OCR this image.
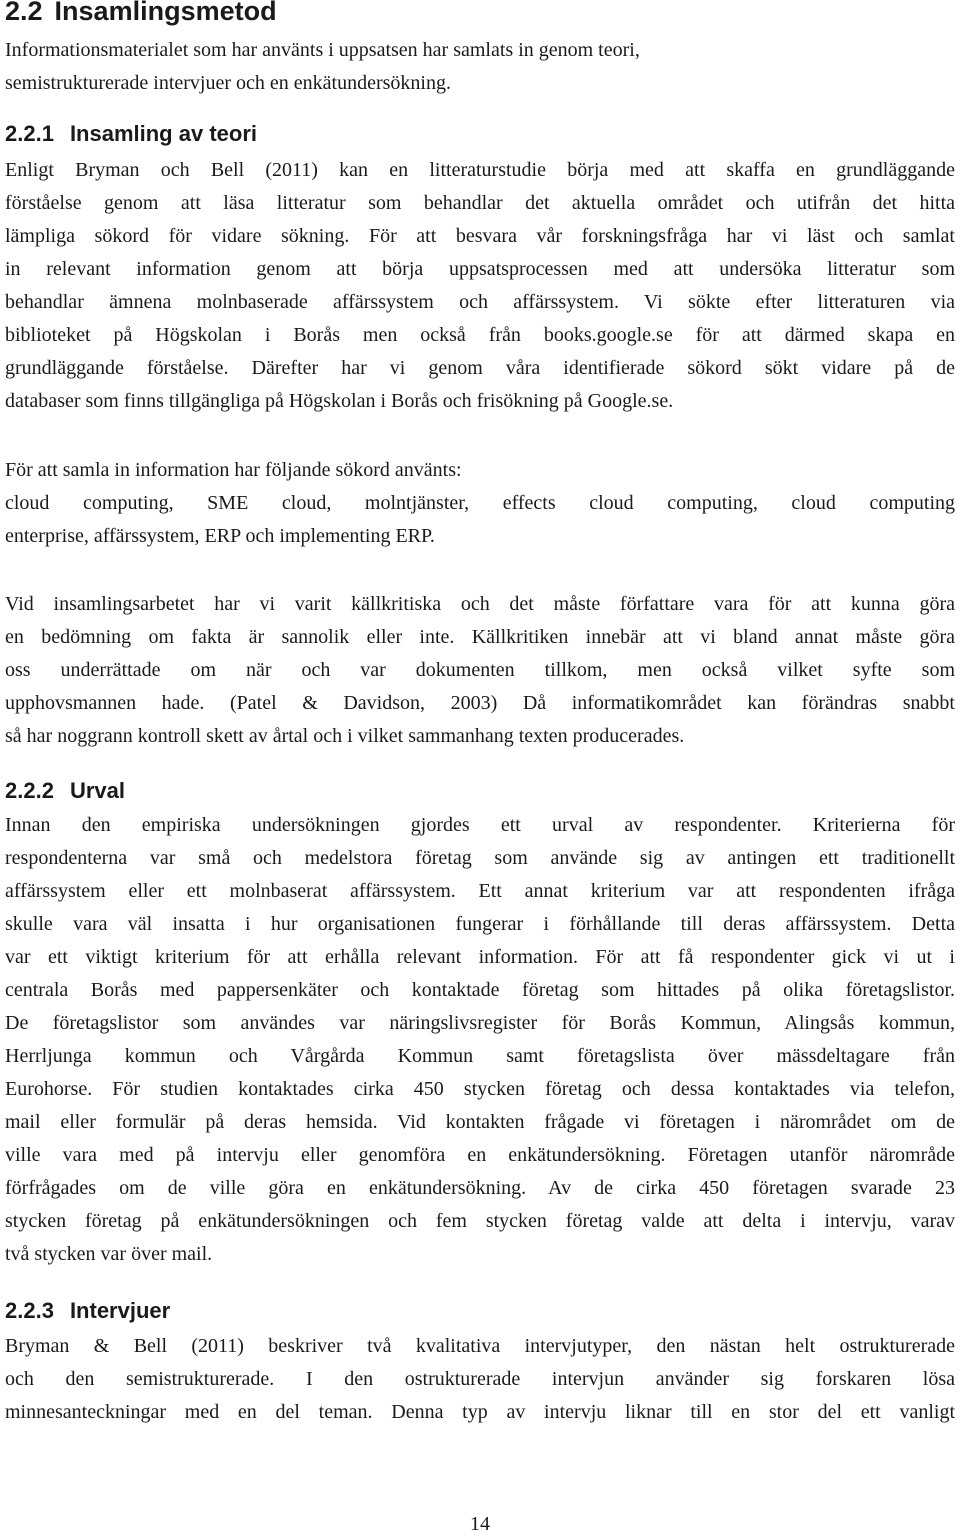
2.2 Insamlingsmetod

Informationsmaterialet som har använts i uppsatsen har samlats in genom teori,
semistrukturerade intervjuer och en enkätundersökning.

2.2.1 Insamling av teori

Enligt Bryman och Bell (2011) kan en litteraturstudie börja med att skaffa en grundläggande
förståelse genom att läsa litteratur som behandlar det aktuella området och utifrån det hitta
lämpliga sökord för vidare sökning. För att besvara vår forskningsfråga har vi läst och samlat
in relevant information genom att börja uppsatsprocessen med att undersöka litteratur som
behandlar ämnena molnbaserade affärssystem och affärssystem. Vi sökte efter litteraturen via
biblioteket på Högskolan i Borås men också från books.google.se för att därmed skapa en
grundläggande förståelse. Därefter har vi genom våra identifierade sökord sökt vidare på de
databaser som finns tillgängliga på Högskolan i Borås och frisökning på Google.se.

För att samla in information har följande sökord använts:
cloud computing, SME cloud, molntjänster, effects cloud computing, cloud computing
enterprise, affärssystem, ERP och implementing ERP.

Vid insamlingsarbetet har vi varit källkritiska och det måste författare vara för att kunna göra
en bedömning om fakta är sannolik eller inte. Källkritiken innebär att vi bland annat måste göra
oss underrättade om när och var dokumenten tillkom, men också vilket syfte som
upphovsmannen hade. (Patel & Davidson, 2003) Då informatikområdet kan förändras snabbt
så har noggrann kontroll skett av årtal och i vilket sammanhang texten producerades.

2.2.2 Urval

Innan den empiriska undersökningen gjordes ett urval av respondenter. Kriterierna för
respondenterna var små och medelstora företag som använde sig av antingen ett traditionellt
affärssystem eller ett molnbaserat affärssystem. Ett annat kriterium var att respondenten ifråga
skulle vara väl insatta i hur organisationen fungerar i förhållande till deras affärssystem. Detta
var ett viktigt kriterium för att erhålla relevant information. För att få respondenter gick vi ut i
centrala Borås med pappersenkäter och kontaktade företag som hittades på olika företagslistor.
De företagslistor som användes var näringslivsregister för Borås Kommun, Alingsås kommun,
Herrljunga kommun och Vårgårda Kommun samt företagslista över mässdeltagare från
Eurohorse. För studien kontaktades cirka 450 stycken företag och dessa kontaktades via telefon,
mail eller formulär på deras hemsida. Vid kontakten frågade vi företagen i närområdet om de
ville vara med på intervju eller genomföra en enkätundersökning. Företagen utanför närområde
förfrågades om de ville göra en enkätundersökning. Av de cirka 450 företagen svarade 23
stycken företag på enkätundersökningen och fem stycken företag valde att delta i intervju, varav
två stycken var över mail.

2.2.3 Intervjuer

Bryman & Bell (2011) beskriver två kvalitativa intervjutyper, den nästan helt ostrukturerade
och den semistrukturerade. I den ostrukturerade intervjun använder sig forskaren lösa
minnesanteckningar med en del teman. Denna typ av intervju liknar till en stor del ett vanligt

14
